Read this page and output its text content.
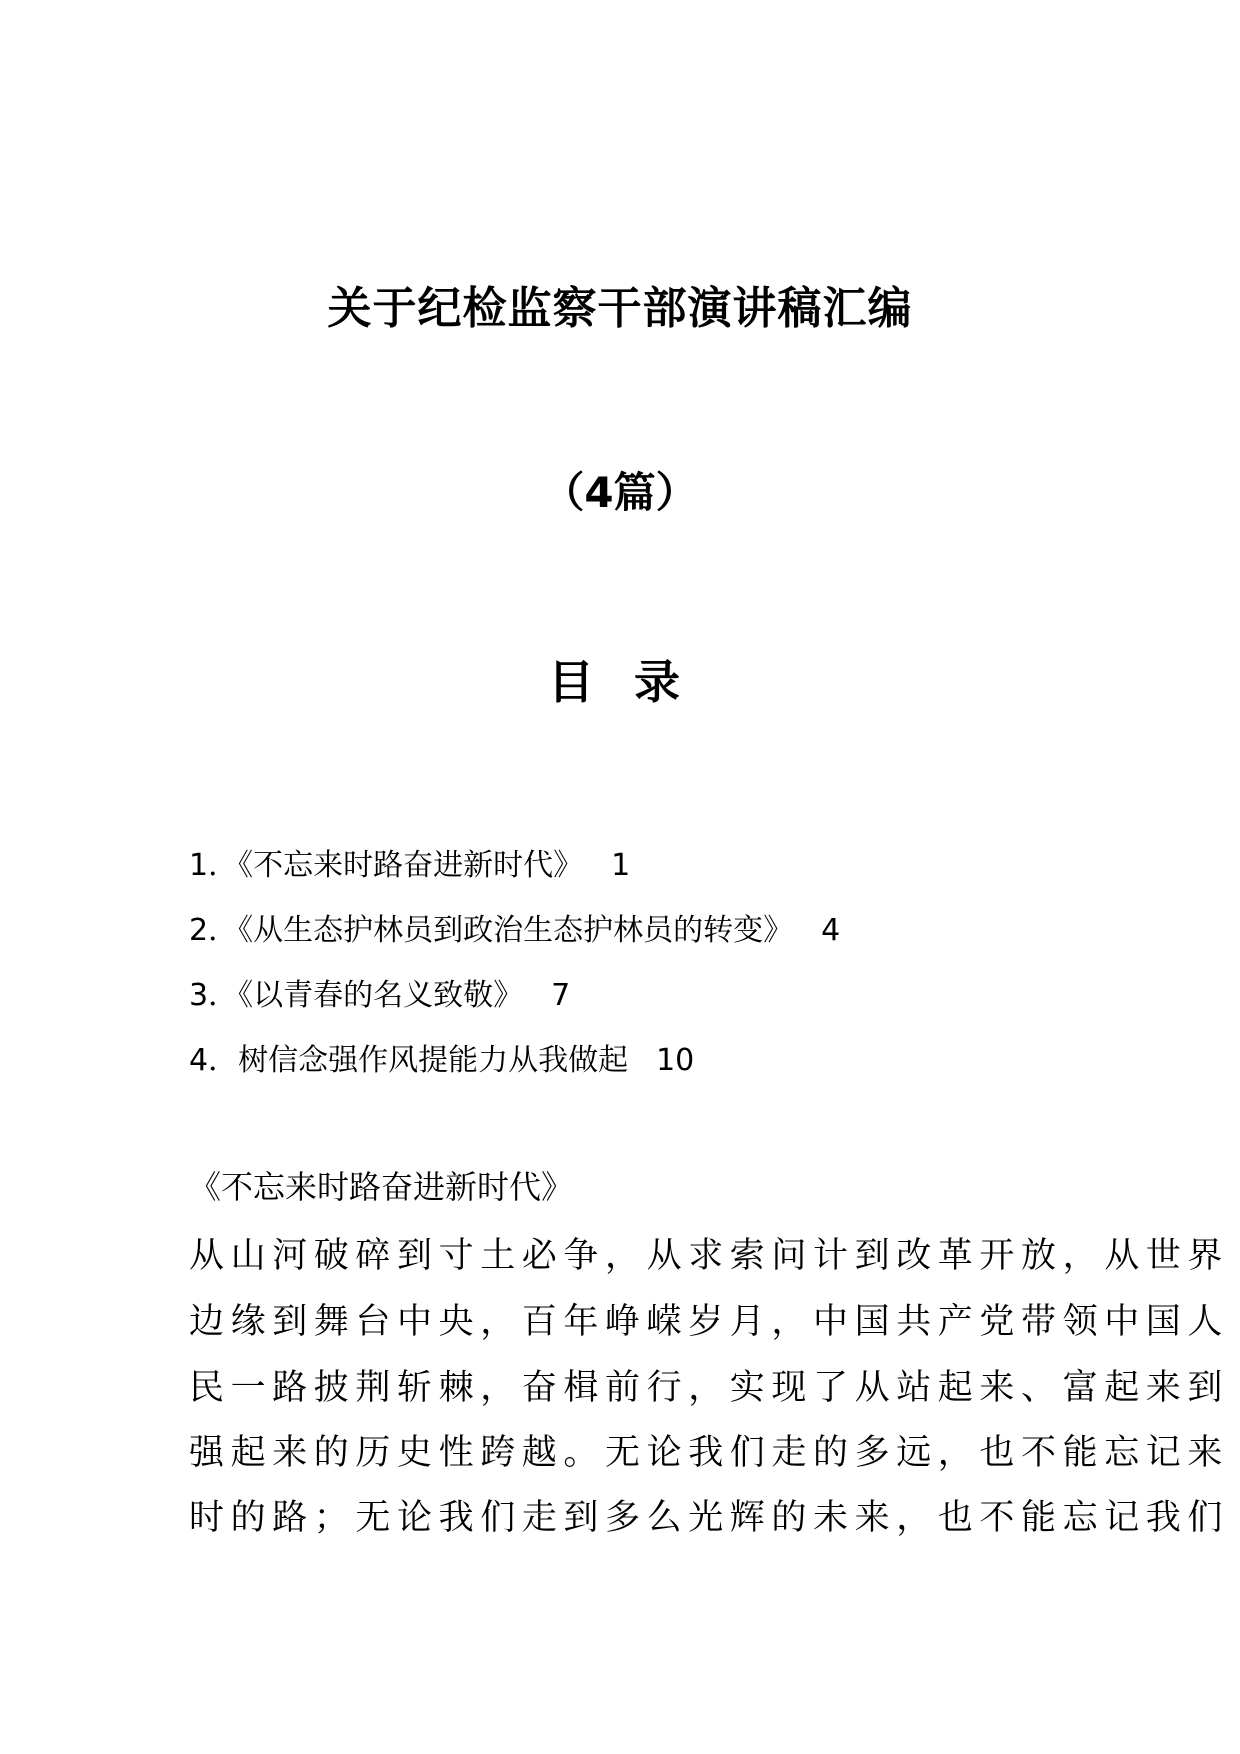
关于纪检监察干部演讲稿汇编
（4篇）
目 录
1．《不忘来时路奋进新时代》 1
2．《从生态护林员到政治生态护林员的转变》 4
3．《以青春的名义致敬》 7
4．树信念强作风提能力从我做起 10
《不忘来时路奋进新时代》
从山河破碎到寸土必争，从求索问计到改革开放，从世界
边缘到舞台中央，百年峥嵘岁月，中国共产党带领中国人
民一路披荆斩棘，奋楫前行，实现了从站起来、富起来到
强起来的历史性跨越。无论我们走的多远，也不能忘记来
时的路；无论我们走到多么光辉的未来，也不能忘记我们
